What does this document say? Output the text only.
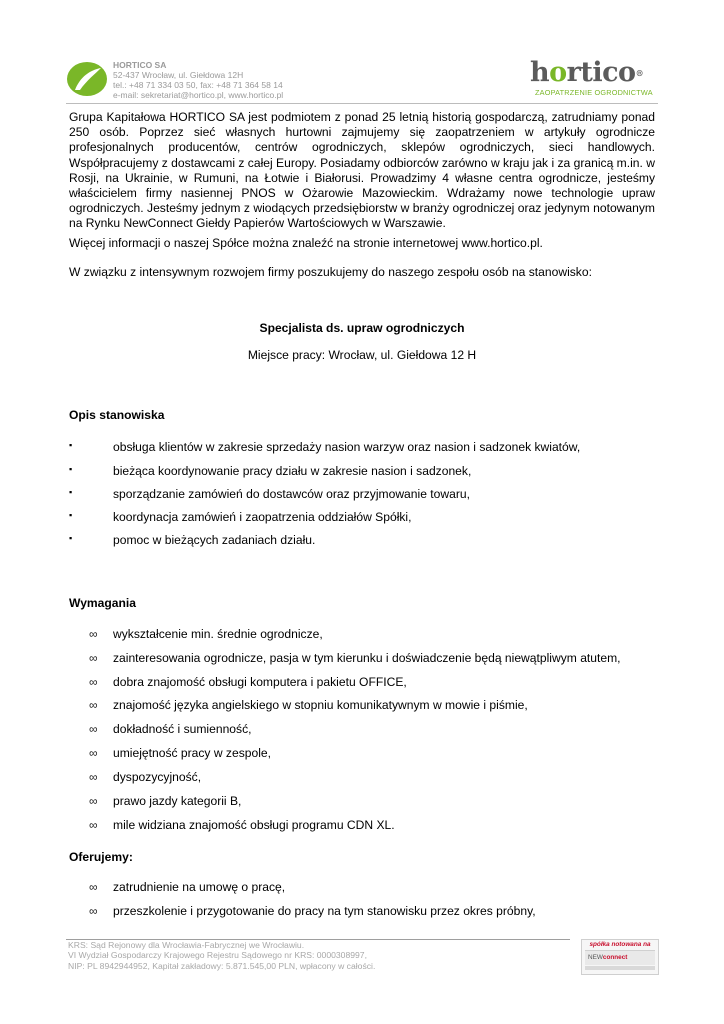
HORTICO SA
52-437 Wrocław, ul. Giełdowa 12H
tel.: +48 71 334 03 50, fax: +48 71 364 58 14
e-mail: sekretariat@hortico.pl, www.hortico.pl
hortico®
ZAOPATRZENIE OGRODNICTWA
Grupa Kapitałowa HORTICO SA jest podmiotem z ponad 25 letnią historią gospodarczą, zatrudniamy ponad 250 osób. Poprzez sieć własnych hurtowni zajmujemy się zaopatrzeniem w artykuły ogrodnicze profesjonalnych producentów, centrów ogrodniczych, sklepów ogrodniczych, sieci handlowych. Współpracujemy z dostawcami z całej Europy. Posiadamy odbiorców zarówno w kraju jak i za granicą m.in. w Rosji, na Ukrainie, w Rumuni, na Łotwie i Białorusi. Prowadzimy 4 własne centra ogrodnicze, jesteśmy właścicielem firmy nasiennej PNOS w Ożarowie Mazowieckim. Wdrażamy nowe technologie upraw ogrodniczych. Jesteśmy jednym z wiodących przedsiębiorstw w branży ogrodniczej oraz jedynym notowanym na Rynku NewConnect Giełdy Papierów Wartościowych w Warszawie.
Więcej informacji o naszej Spółce można znaleźć na stronie internetowej www.hortico.pl.
W związku z intensywnym rozwojem firmy poszukujemy do naszego zespołu osób na stanowisko:
Specjalista ds. upraw ogrodniczych
Miejsce pracy: Wrocław, ul. Giełdowa 12 H
Opis stanowiska
▪	obsługa klientów w zakresie sprzedaży nasion warzyw oraz nasion i sadzonek kwiatów,
▪	bieżąca koordynowanie pracy działu w zakresie nasion i sadzonek,
▪	sporządzanie zamówień do dostawców oraz przyjmowanie towaru,
▪	koordynacja zamówień i zaopatrzenia oddziałów Spółki,
▪	pomoc w bieżących zadaniach działu.
Wymagania
∞ wykształcenie min. średnie ogrodnicze,
∞ zainteresowania ogrodnicze, pasja w tym kierunku i doświadczenie będą niewątpliwym atutem,
∞ dobra znajomość obsługi komputera i pakietu OFFICE,
∞ znajomość języka angielskiego w stopniu komunikatywnym w mowie i piśmie,
∞ dokładność i sumienność,
∞ umiejętność pracy w zespole,
∞ dyspozycyjność,
∞ prawo jazdy kategorii B,
∞ mile widziana znajomość obsługi programu CDN XL.
Oferujemy:
∞ zatrudnienie na umowę o pracę,
∞ przeszkolenie i przygotowanie do pracy na tym stanowisku przez okres próbny,
KRS: Sąd Rejonowy dla Wrocławia-Fabrycznej we Wrocławiu.
VI Wydział Gospodarczy Krajowego Rejestru Sądowego nr KRS: 0000308997,
NIP: PL 8942944952, Kapitał zakładowy: 5.871.545,00 PLN, wpłacony w całości.
spółka notowana na
NEWconnect
